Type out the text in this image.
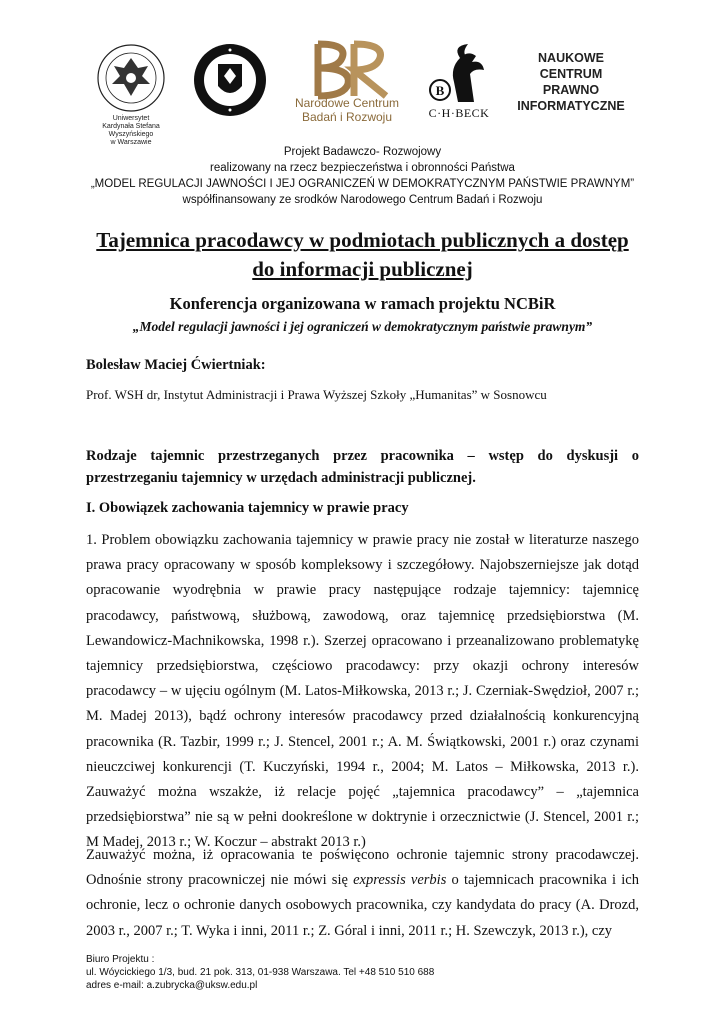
Uniwersytet
Kardynała Stefana Wyszyńskiego
w Warszawie
Narodowe Centrum
Badań i Rozwoju
B
C·H·BECK
NAUKOWE
CENTRUM
PRAWNO
INFORMATYCZNE
Projekt Badawczo- Rozwojowy
realizowany na rzecz bezpieczeństwa i obronności Państwa
„MODEL REGULACJI JAWNOŚCI I JEJ OGRANICZEŃ W DEMOKRATYCZNYM PAŃSTWIE PRAWNYM”
współfinansowany ze srodków Narodowego Centrum Badań i Rozwoju
Tajemnica pracodawcy w podmiotach publicznych a dostęp
do informacji publicznej
Konferencja organizowana w ramach projektu NCBiR
„Model regulacji jawności i jej ograniczeń w demokratycznym państwie prawnym”
Bolesław Maciej Ćwiertniak:
Prof. WSH dr, Instytut Administracji i Prawa Wyższej Szkoły „Humanitas” w Sosnowcu
Rodzaje tajemnic przestrzeganych przez pracownika – wstęp do dyskusji o przestrzeganiu tajemnicy w urzędach administracji publicznej.
I. Obowiązek zachowania tajemnicy w prawie pracy

1. Problem obowiązku zachowania tajemnicy w prawie pracy nie został w literaturze naszego prawa pracy opracowany w sposób kompleksowy i szczegółowy. Najobszerniejsze jak dotąd opracowanie wyodrębnia w prawie pracy następujące rodzaje tajemnicy: tajemnicę pracodawcy, państwową, służbową, zawodową, oraz tajemnicę przedsiębiorstwa (M. Lewandowicz-Machnikowska, 1998 r.). Szerzej opracowano i przeanalizowano problematykę tajemnicy przedsiębiorstwa, częściowo pracodawcy: przy okazji ochrony interesów pracodawcy – w ujęciu ogólnym (M. Latos-Miłkowska, 2013 r.; J. Czerniak-Swędzioł, 2007 r.; M. Madej 2013), bądź ochrony interesów pracodawcy przed działalnością konkurencyjną pracownika (R. Tazbir, 1999 r.; J. Stencel, 2001 r.; A. M. Świątkowski, 2001 r.) oraz czynami nieuczciwej konkurencji (T. Kuczyński, 1994 r., 2004; M. Latos – Miłkowska, 2013 r.). Zauważyć można wszakże, iż relacje pojęć „tajemnica pracodawcy” – „tajemnica przedsiębiorstwa” nie są w pełni dookreślone w doktrynie i orzecznictwie (J. Stencel, 2001 r.; M Madej, 2013 r.; W. Koczur – abstrakt 2013 r.)

Zauważyć można, iż opracowania te poświęcono ochronie tajemnic strony pracodawczej. Odnośnie strony pracowniczej nie mówi się expressis verbis o tajemnicach pracownika i ich ochronie, lecz o ochronie danych osobowych pracownika, czy kandydata do pracy (A. Drozd, 2003 r., 2007 r.; T. Wyka i inni, 2011 r.; Z. Góral i inni, 2011 r.; H. Szewczyk, 2013 r.), czy

Biuro Projektu :
ul. Wóycickiego 1/3, bud. 21 pok. 313, 01-938 Warszawa. Tel +48 510 510 688
adres e-mail: a.zubrycka@uksw.edu.pl
